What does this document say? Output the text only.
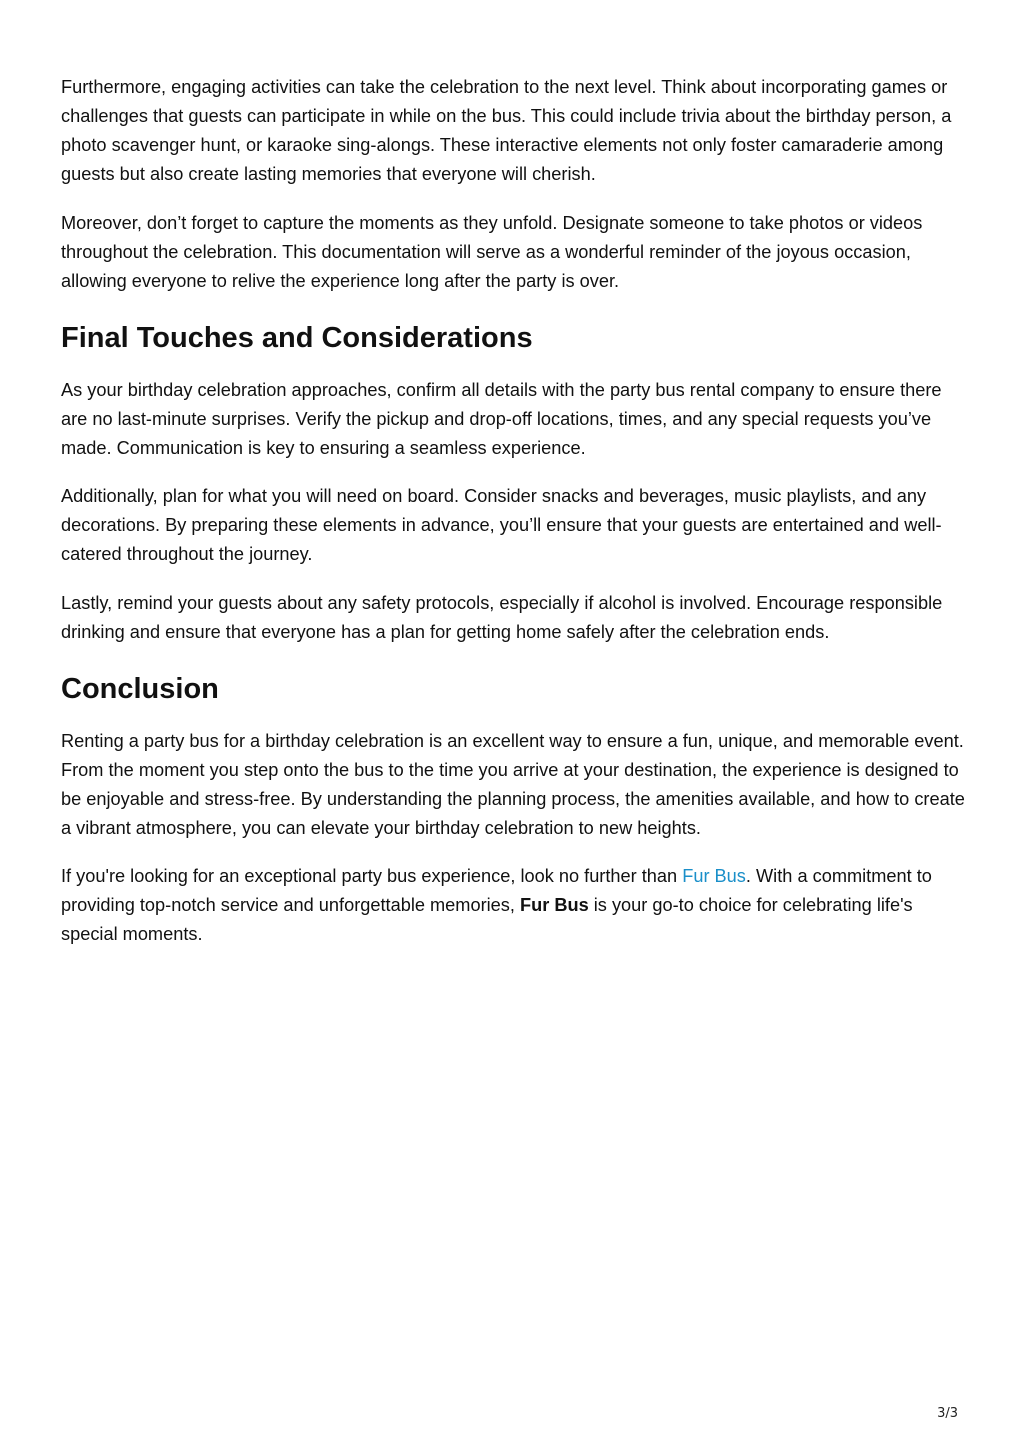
Furthermore, engaging activities can take the celebration to the next level. Think about incorporating games or challenges that guests can participate in while on the bus. This could include trivia about the birthday person, a photo scavenger hunt, or karaoke sing-alongs. These interactive elements not only foster camaraderie among guests but also create lasting memories that everyone will cherish.

Moreover, don’t forget to capture the moments as they unfold. Designate someone to take photos or videos throughout the celebration. This documentation will serve as a wonderful reminder of the joyous occasion, allowing everyone to relive the experience long after the party is over.

Final Touches and Considerations

As your birthday celebration approaches, confirm all details with the party bus rental company to ensure there are no last-minute surprises. Verify the pickup and drop-off locations, times, and any special requests you’ve made. Communication is key to ensuring a seamless experience.

Additionally, plan for what you will need on board. Consider snacks and beverages, music playlists, and any decorations. By preparing these elements in advance, you’ll ensure that your guests are entertained and well-catered throughout the journey.

Lastly, remind your guests about any safety protocols, especially if alcohol is involved. Encourage responsible drinking and ensure that everyone has a plan for getting home safely after the celebration ends.

Conclusion

Renting a party bus for a birthday celebration is an excellent way to ensure a fun, unique, and memorable event. From the moment you step onto the bus to the time you arrive at your destination, the experience is designed to be enjoyable and stress-free. By understanding the planning process, the amenities available, and how to create a vibrant atmosphere, you can elevate your birthday celebration to new heights.

If you're looking for an exceptional party bus experience, look no further than Fur Bus. With a commitment to providing top-notch service and unforgettable memories, Fur Bus is your go-to choice for celebrating life's special moments.

3/3
